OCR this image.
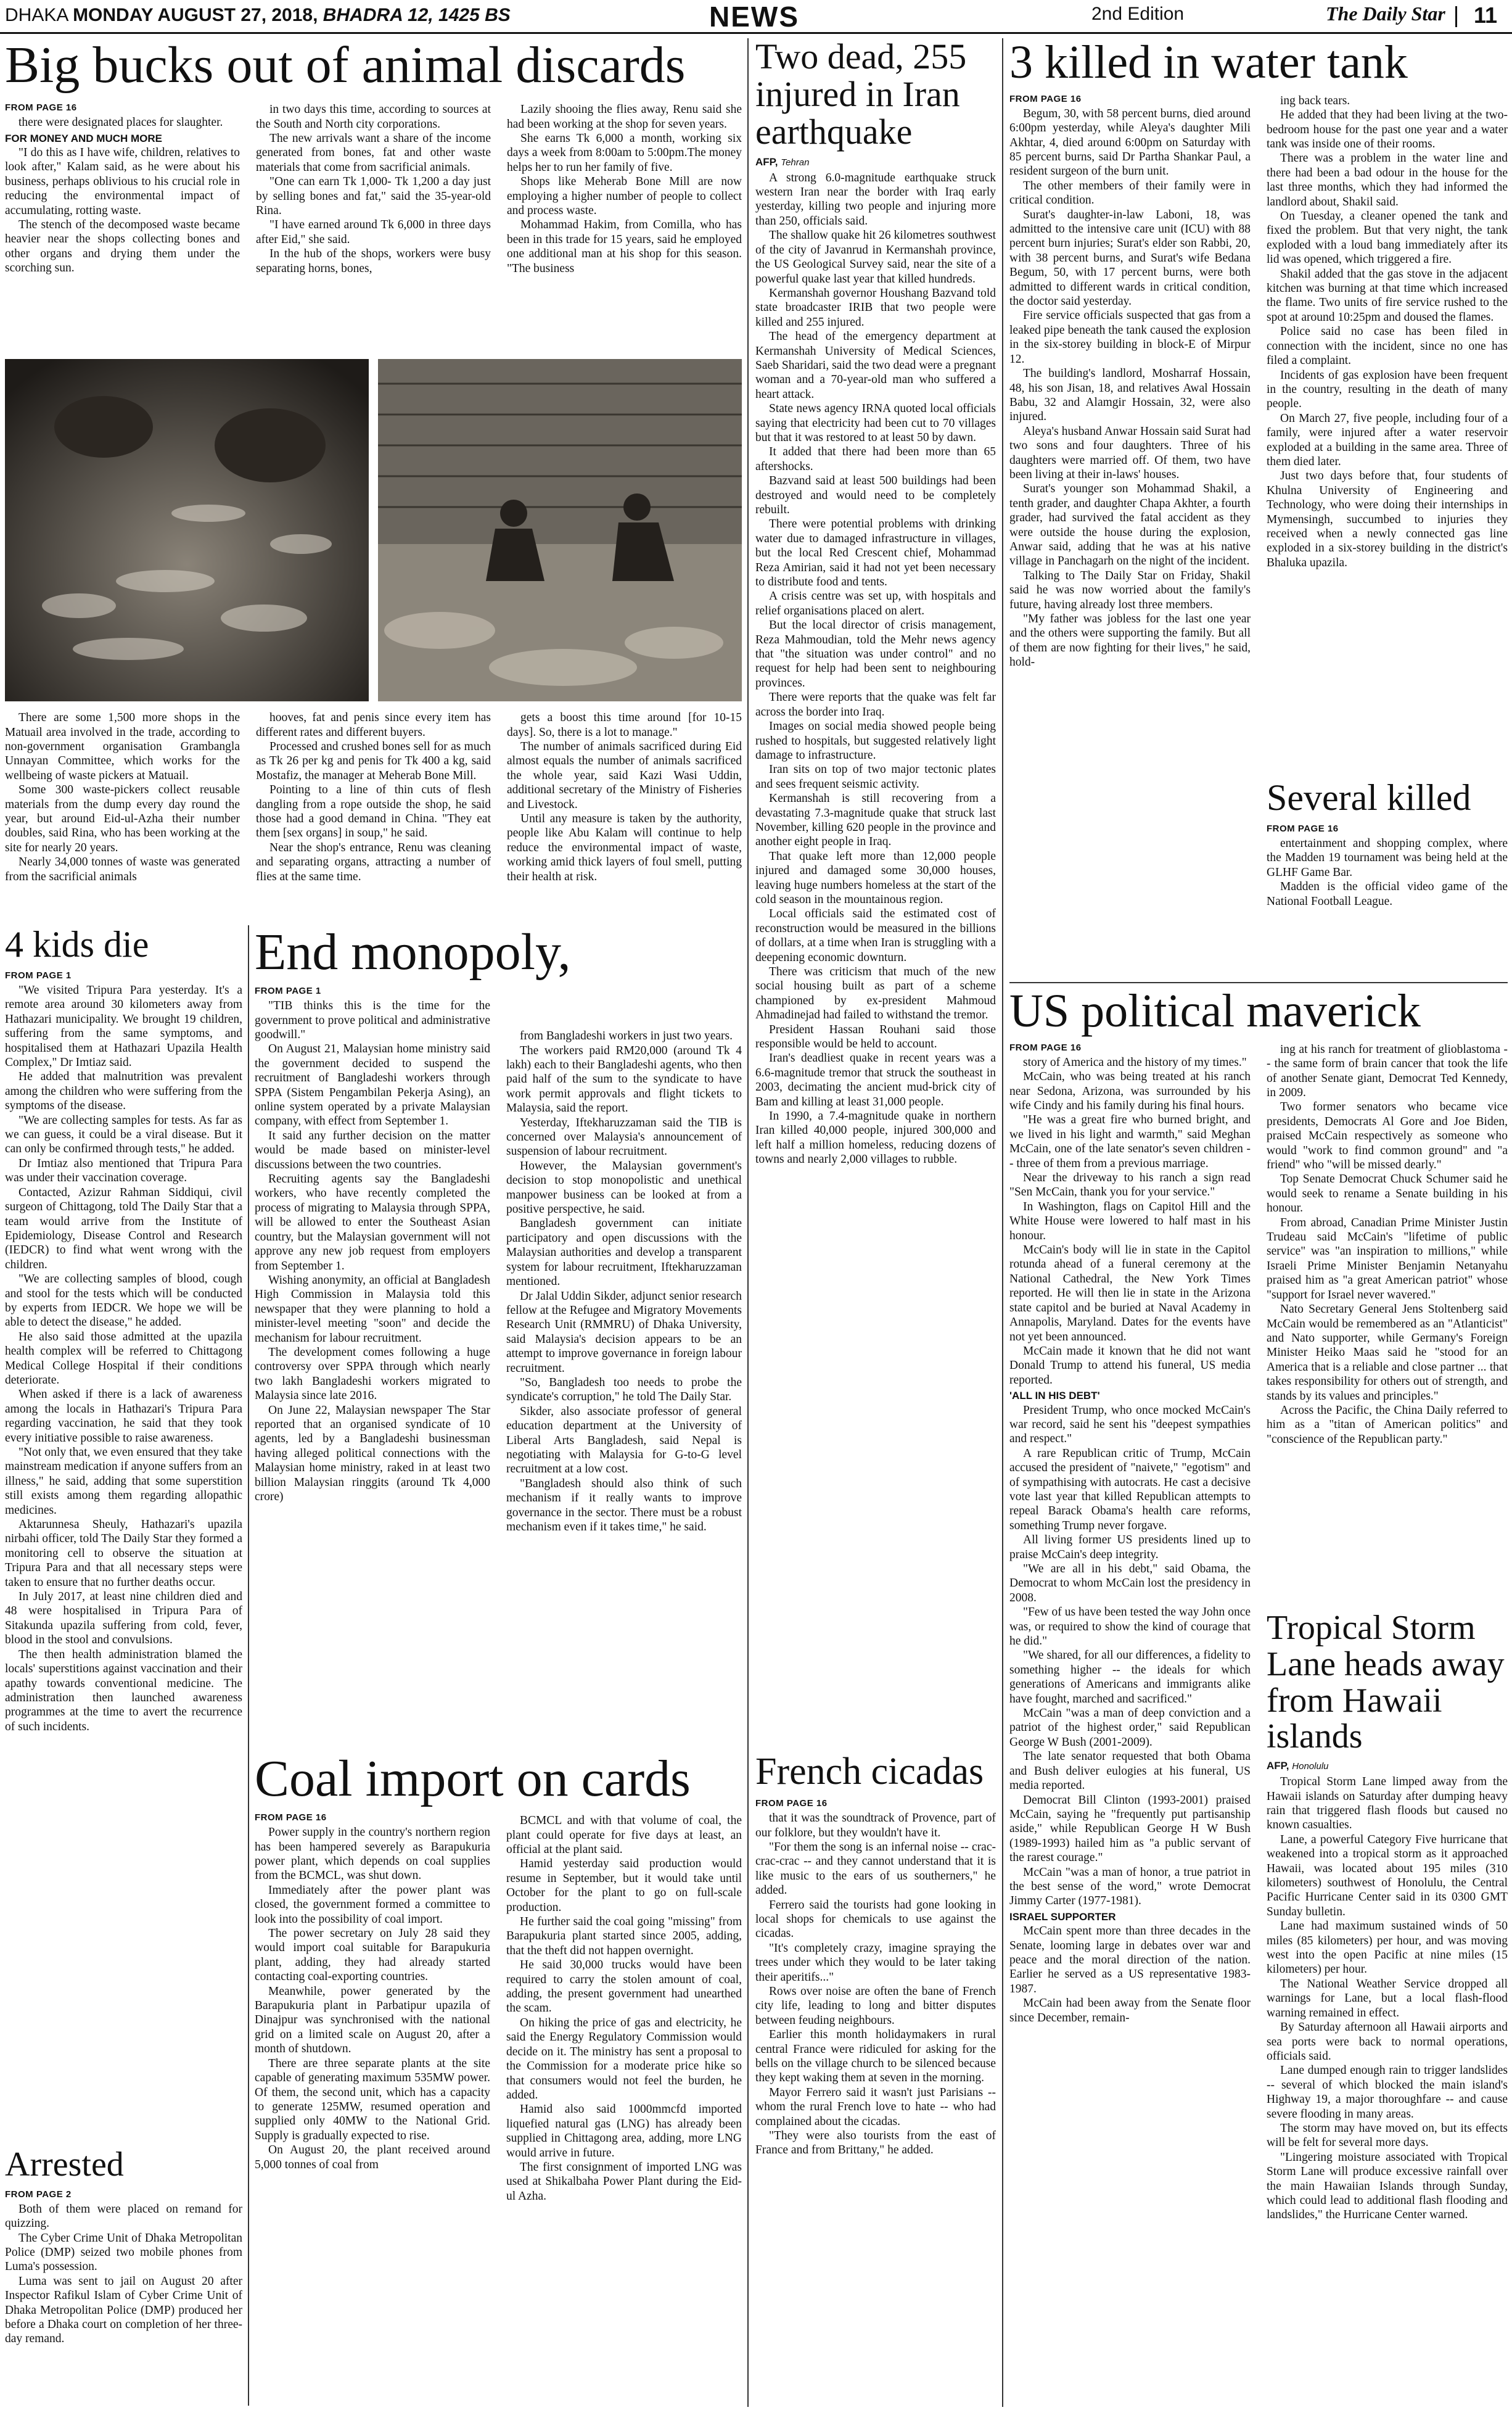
DHAKA MONDAY AUGUST 27, 2018, BHADRA 12, 1425 BS	NEWS	2nd Edition	The Daily Star 11
Big bucks out of animal discards
FROM PAGE 16

there were designated places for slaughter.

FOR MONEY AND MUCH MORE

"I do this as I have wife, children, relatives to look after," Kalam said, as he were about his business, perhaps oblivious to his crucial role in reducing the environmental impact of accumulating, rotting waste.

The stench of the decomposed waste became heavier near the shops collecting bones and other organs and drying them under the scorching sun.

in two days this time, according to sources at the South and North city corporations.

The new arrivals want a share of the income generated from bones, fat and other waste materials that come from sacrificial animals.

"One can earn Tk 1,000- Tk 1,200 a day just by selling bones and fat," said the 35-year-old Rina.

"I have earned around Tk 6,000 in three days after Eid," she said.

In the hub of the shops, workers were busy separating horns, bones,

Lazily shooing the flies away, Renu said she had been working at the shop for seven years.

She earns Tk 6,000 a month, working six days a week from 8:00am to 5:00pm.The money helps her to run her family of five.

Shops like Meherab Bone Mill are now employing a higher number of people to collect and process waste.

Mohammad Hakim, from Comilla, who has been in this trade for 15 years, said he employed one additional man at his shop for this season. "The business

There are some 1,500 more shops in the Matuail area involved in the trade, according to non-government organisation Grambangla Unnayan Committee, which works for the wellbeing of waste pickers at Matuail.

Some 300 waste-pickers collect reusable materials from the dump every day round the year, but around Eid-ul-Azha their number doubles, said Rina, who has been working at the site for nearly 20 years.

Nearly 34,000 tonnes of waste was generated from the sacrificial animals

hooves, fat and penis since every item has different rates and different buyers.

Processed and crushed bones sell for as much as Tk 26 per kg and penis for Tk 400 a kg, said Mostafiz, the manager at Meherab Bone Mill.

Pointing to a line of thin cuts of flesh dangling from a rope outside the shop, he said those had a good demand in China. "They eat them [sex organs] in soup," he said.

Near the shop's entrance, Renu was cleaning and separating organs, attracting a number of flies at the same time.

gets a boost this time around [for 10-15 days]. So, there is a lot to manage."

The number of animals sacrificed during Eid almost equals the number of animals sacrificed the whole year, said Kazi Wasi Uddin, additional secretary of the Ministry of Fisheries and Livestock.

Until any measure is taken by the authority, people like Abu Kalam will continue to help reduce the environmental impact of waste, working amid thick layers of foul smell, putting their health at risk.

4 kids die
FROM PAGE 1

"We visited Tripura Para yesterday. It's a remote area around 30 kilometers away from Hathazari municipality. We brought 19 children, suffering from the same symptoms, and hospitalised them at Hathazari Upazila Health Complex," Dr Imtiaz said.

He added that malnutrition was prevalent among the children who were suffering from the symptoms of the disease.

"We are collecting samples for tests. As far as we can guess, it could be a viral disease. But it can only be confirmed through tests," he added.

Dr Imtiaz also mentioned that Tripura Para was under their vaccination coverage.

Contacted, Azizur Rahman Siddiqui, civil surgeon of Chittagong, told The Daily Star that a team would arrive from the Institute of Epidemiology, Disease Control and Research (IEDCR) to find what went wrong with the children.

"We are collecting samples of blood, cough and stool for the tests which will be conducted by experts from IEDCR. We hope we will be able to detect the disease," he added.

He also said those admitted at the upazila health complex will be referred to Chittagong Medical College Hospital if their conditions deteriorate.

When asked if there is a lack of awareness among the locals in Hathazari's Tripura Para regarding vaccination, he said that they took every initiative possible to raise awareness.

"Not only that, we even ensured that they take mainstream medication if anyone suffers from an illness," he said, adding that some superstition still exists among them regarding allopathic medicines.

Aktarunnesa Sheuly, Hathazari's upazila nirbahi officer, told The Daily Star they formed a monitoring cell to observe the situation at Tripura Para and that all necessary steps were taken to ensure that no further deaths occur.

In July 2017, at least nine children died and 48 were hospitalised in Tripura Para of Sitakunda upazila suffering from cold, fever, blood in the stool and convulsions.

The then health administration blamed the locals' superstitions against vaccination and their apathy towards conventional medicine. The administration then launched awareness programmes at the time to avert the recurrence of such incidents.

Arrested
FROM PAGE 2

Both of them were placed on remand for quizzing.

The Cyber Crime Unit of Dhaka Metropolitan Police (DMP) seized two mobile phones from Luma's possession.

Luma was sent to jail on August 20 after Inspector Rafikul Islam of Cyber Crime Unit of Dhaka Metropolitan Police (DMP) produced her before a Dhaka court on completion of her three-day remand.

End monopoly,
FROM PAGE 1

"TIB thinks this is the time for the government to prove political and administrative goodwill."

On August 21, Malaysian home ministry said the government decided to suspend the recruitment of Bangladeshi workers through SPPA (Sistem Pengambilan Pekerja Asing), an online system operated by a private Malaysian company, with effect from September 1.

It said any further decision on the matter would be made based on minister-level discussions between the two countries.

Recruiting agents say the Bangladeshi workers, who have recently completed the process of migrating to Malaysia through SPPA, will be allowed to enter the Southeast Asian country, but the Malaysian government will not approve any new job request from employers from September 1.

Wishing anonymity, an official at Bangladesh High Commission in Malaysia told this newspaper that they were planning to hold a minister-level meeting "soon" and decide the mechanism for labour recruitment.

The development comes following a huge controversy over SPPA through which nearly two lakh Bangladeshi workers migrated to Malaysia since late 2016.

On June 22, Malaysian newspaper The Star reported that an organised syndicate of 10 agents, led by a Bangladeshi businessman having alleged political connections with the Malaysian home ministry, raked in at least two billion Malaysian ringgits (around Tk 4,000 crore)

from Bangladeshi workers in just two years.

The workers paid RM20,000 (around Tk 4 lakh) each to their Bangladeshi agents, who then paid half of the sum to the syndicate to have work permit approvals and flight tickets to Malaysia, said the report.

Yesterday, Iftekharuzzaman said the TIB is concerned over Malaysia's announcement of suspension of labour recruitment.

However, the Malaysian government's decision to stop monopolistic and unethical manpower business can be looked at from a positive perspective, he said.

Bangladesh government can initiate participatory and open discussions with the Malaysian authorities and develop a transparent system for labour recruitment, Iftekharuzzaman mentioned.

Dr Jalal Uddin Sikder, adjunct senior research fellow at the Refugee and Migratory Movements Research Unit (RMMRU) of Dhaka University, said Malaysia's decision appears to be an attempt to improve governance in foreign labour recruitment.

"So, Bangladesh too needs to probe the syndicate's corruption," he told The Daily Star.

Sikder, also associate professor of general education department at the University of Liberal Arts Bangladesh, said Nepal is negotiating with Malaysia for G-to-G level recruitment at a low cost.

"Bangladesh should also think of such mechanism if it really wants to improve governance in the sector. There must be a robust mechanism even if it takes time," he said.

Coal import on cards
FROM PAGE 16

Power supply in the country's northern region has been hampered severely as Barapukuria power plant, which depends on coal supplies from the BCMCL, was shut down.

Immediately after the power plant was closed, the government formed a committee to look into the possibility of coal import.

The power secretary on July 28 said they would import coal suitable for Barapukuria plant, adding, they had already started contacting coal-exporting countries.

Meanwhile, power generated by the Barapukuria plant in Parbatipur upazila of Dinajpur was synchronised with the national grid on a limited scale on August 20, after a month of shutdown.

There are three separate plants at the site capable of generating maximum 535MW power. Of them, the second unit, which has a capacity to generate 125MW, resumed operation and supplied only 40MW to the National Grid. Supply is gradually expected to rise.

On August 20, the plant received around 5,000 tonnes of coal from

BCMCL and with that volume of coal, the plant could operate for five days at least, an official at the plant said.

Hamid yesterday said production would resume in September, but it would take until October for the plant to go on full-scale production.

He further said the coal going "missing" from Barapukuria plant started since 2005, adding, that the theft did not happen overnight.

He said 30,000 trucks would have been required to carry the stolen amount of coal, adding, the present government had unearthed the scam.

On hiking the price of gas and electricity, he said the Energy Regulatory Commission would decide on it. The ministry has sent a proposal to the Commission for a moderate price hike so that consumers would not feel the burden, he added.

Hamid also said 1000mmcfd imported liquefied natural gas (LNG) has already been supplied in Chittagong area, adding, more LNG would arrive in future.

The first consignment of imported LNG was used at Shikalbaha Power Plant during the Eid-ul Azha.

Two dead, 255 injured in Iran earthquake
AFP, Tehran

A strong 6.0-magnitude earthquake struck western Iran near the border with Iraq early yesterday, killing two people and injuring more than 250, officials said.

The shallow quake hit 26 kilometres southwest of the city of Javanrud in Kermanshah province, the US Geological Survey said, near the site of a powerful quake last year that killed hundreds.

Kermanshah governor Houshang Bazvand told state broadcaster IRIB that two people were killed and 255 injured.

The head of the emergency department at Kermanshah University of Medical Sciences, Saeb Sharidari, said the two dead were a pregnant woman and a 70-year-old man who suffered a heart attack.

State news agency IRNA quoted local officials saying that electricity had been cut to 70 villages but that it was restored to at least 50 by dawn.

It added that there had been more than 65 aftershocks.

Bazvand said at least 500 buildings had been destroyed and would need to be completely rebuilt.

There were potential problems with drinking water due to damaged infrastructure in villages, but the local Red Crescent chief, Mohammad Reza Amirian, said it had not yet been necessary to distribute food and tents.

A crisis centre was set up, with hospitals and relief organisations placed on alert.

But the local director of crisis management, Reza Mahmoudian, told the Mehr news agency that "the situation was under control" and no request for help had been sent to neighbouring provinces.

There were reports that the quake was felt far across the border into Iraq.

Images on social media showed people being rushed to hospitals, but suggested relatively light damage to infrastructure.

Iran sits on top of two major tectonic plates and sees frequent seismic activity.

Kermanshah is still recovering from a devastating 7.3-magnitude quake that struck last November, killing 620 people in the province and another eight people in Iraq.

That quake left more than 12,000 people injured and damaged some 30,000 houses, leaving huge numbers homeless at the start of the cold season in the mountainous region.

Local officials said the estimated cost of reconstruction would be measured in the billions of dollars, at a time when Iran is struggling with a deepening economic downturn.

There was criticism that much of the new social housing built as part of a scheme championed by ex-president Mahmoud Ahmadinejad had failed to withstand the tremor.

President Hassan Rouhani said those responsible would be held to account.

Iran's deadliest quake in recent years was a 6.6-magnitude tremor that struck the southeast in 2003, decimating the ancient mud-brick city of Bam and killing at least 31,000 people.

In 1990, a 7.4-magnitude quake in northern Iran killed 40,000 people, injured 300,000 and left half a million homeless, reducing dozens of towns and nearly 2,000 villages to rubble.

French cicadas
FROM PAGE 16

that it was the soundtrack of Provence, part of our folklore, but they wouldn't have it.

"For them the song is an infernal noise -- crac-crac-crac -- and they cannot understand that it is like music to the ears of us southerners," he added.

Ferrero said the tourists had gone looking in local shops for chemicals to use against the cicadas.

"It's completely crazy, imagine spraying the trees under which they would to be later taking their aperitifs..."

Rows over noise are often the bane of French city life, leading to long and bitter disputes between feuding neighbours.

Earlier this month holidaymakers in rural central France were ridiculed for asking for the bells on the village church to be silenced because they kept waking them at seven in the morning.

Mayor Ferrero said it wasn't just Parisians -- whom the rural French love to hate -- who had complained about the cicadas.

"They were also tourists from the east of France and from Brittany," he added.

3 killed in water tank
FROM PAGE 16

Begum, 30, with 58 percent burns, died around 6:00pm yesterday, while Aleya's daughter Mili Akhtar, 4, died around 6:00pm on Saturday with 85 percent burns, said Dr Partha Shankar Paul, a resident surgeon of the burn unit.

The other members of their family were in critical condition.

Surat's daughter-in-law Laboni, 18, was admitted to the intensive care unit (ICU) with 88 percent burn injuries; Surat's elder son Rabbi, 20, with 38 percent burns, and Surat's wife Bedana Begum, 50, with 17 percent burns, were both admitted to different wards in critical condition, the doctor said yesterday.

Fire service officials suspected that gas from a leaked pipe beneath the tank caused the explosion in the six-storey building in block-E of Mirpur 12.

The building's landlord, Mosharraf Hossain, 48, his son Jisan, 18, and relatives Awal Hossain Babu, 32 and Alamgir Hossain, 32, were also injured.

Aleya's husband Anwar Hossain said Surat had two sons and four daughters. Three of his daughters were married off. Of them, two have been living at their in-laws' houses.

Surat's younger son Mohammad Shakil, a tenth grader, and daughter Chapa Akhter, a fourth grader, had survived the fatal accident as they were outside the house during the explosion, Anwar said, adding that he was at his native village in Panchagarh on the night of the incident.

Talking to The Daily Star on Friday, Shakil said he was now worried about the family's future, having already lost three members.

"My father was jobless for the last one year and the others were supporting the family. But all of them are now fighting for their lives," he said, hold-

ing back tears.

He added that they had been living at the two-bedroom house for the past one year and a water tank was inside one of their rooms.

There was a problem in the water line and there had been a bad odour in the house for the last three months, which they had informed the landlord about, Shakil said.

On Tuesday, a cleaner opened the tank and fixed the problem. But that very night, the tank exploded with a loud bang immediately after its lid was opened, which triggered a fire.

Shakil added that the gas stove in the adjacent kitchen was burning at that time which increased the flame. Two units of fire service rushed to the spot at around 10:25pm and doused the flames.

Police said no case has been filed in connection with the incident, since no one has filed a complaint.

Incidents of gas explosion have been frequent in the country, resulting in the death of many people.

On March 27, five people, including four of a family, were injured after a water reservoir exploded at a building in the same area. Three of them died later.

Just two days before that, four students of Khulna University of Engineering and Technology, who were doing their internships in Mymensingh, succumbed to injuries they received when a newly connected gas line exploded in a six-storey building in the district's Bhaluka upazila.

Several killed
FROM PAGE 16

entertainment and shopping complex, where the Madden 19 tournament was being held at the GLHF Game Bar.

Madden is the official video game of the National Football League.

US political maverick
FROM PAGE 16

story of America and the history of my times."

McCain, who was being treated at his ranch near Sedona, Arizona, was surrounded by his wife Cindy and his family during his final hours.

"He was a great fire who burned bright, and we lived in his light and warmth," said Meghan McCain, one of the late senator's seven children -- three of them from a previous marriage.

Near the driveway to his ranch a sign read "Sen McCain, thank you for your service."

In Washington, flags on Capitol Hill and the White House were lowered to half mast in his honour.

McCain's body will lie in state in the Capitol rotunda ahead of a funeral ceremony at the National Cathedral, the New York Times reported. He will then lie in state in the Arizona state capitol and be buried at Naval Academy in Annapolis, Maryland. Dates for the events have not yet been announced.

McCain made it known that he did not want Donald Trump to attend his funeral, US media reported.

'ALL IN HIS DEBT'

President Trump, who once mocked McCain's war record, said he sent his "deepest sympathies and respect."

A rare Republican critic of Trump, McCain accused the president of "naivete," "egotism" and of sympathising with autocrats. He cast a decisive vote last year that killed Republican attempts to repeal Barack Obama's health care reforms, something Trump never forgave.

All living former US presidents lined up to praise McCain's deep integrity.

"We are all in his debt," said Obama, the Democrat to whom McCain lost the presidency in 2008.

"Few of us have been tested the way John once was, or required to show the kind of courage that he did."

"We shared, for all our differences, a fidelity to something higher -- the ideals for which generations of Americans and immigrants alike have fought, marched and sacrificed."

McCain "was a man of deep conviction and a patriot of the highest order," said Republican George W Bush (2001-2009).

The late senator requested that both Obama and Bush deliver eulogies at his funeral, US media reported.

Democrat Bill Clinton (1993-2001) praised McCain, saying he "frequently put partisanship aside," while Republican George H W Bush (1989-1993) hailed him as "a public servant of the rarest courage."

McCain "was a man of honor, a true patriot in the best sense of the word," wrote Democrat Jimmy Carter (1977-1981).

ISRAEL SUPPORTER

McCain spent more than three decades in the Senate, looming large in debates over war and peace and the moral direction of the nation. Earlier he served as a US representative 1983-1987.

McCain had been away from the Senate floor since December, remain-

ing at his ranch for treatment of glioblastoma -- the same form of brain cancer that took the life of another Senate giant, Democrat Ted Kennedy, in 2009.

Two former senators who became vice presidents, Democrats Al Gore and Joe Biden, praised McCain respectively as someone who would "work to find common ground" and "a friend" who "will be missed dearly."

Top Senate Democrat Chuck Schumer said he would seek to rename a Senate building in his honour.

From abroad, Canadian Prime Minister Justin Trudeau said McCain's "lifetime of public service" was "an inspiration to millions," while Israeli Prime Minister Benjamin Netanyahu praised him as "a great American patriot" whose "support for Israel never wavered."

Nato Secretary General Jens Stoltenberg said McCain would be remembered as an "Atlanticist" and Nato supporter, while Germany's Foreign Minister Heiko Maas said he "stood for an America that is a reliable and close partner ... that takes responsibility for others out of strength, and stands by its values and principles."

Across the Pacific, the China Daily referred to him as a "titan of American politics" and "conscience of the Republican party."

Tropical Storm Lane heads away from Hawaii islands
AFP, Honolulu

Tropical Storm Lane limped away from the Hawaii islands on Saturday after dumping heavy rain that triggered flash floods but caused no known casualties.

Lane, a powerful Category Five hurricane that weakened into a tropical storm as it approached Hawaii, was located about 195 miles (310 kilometers) southwest of Honolulu, the Central Pacific Hurricane Center said in its 0300 GMT Sunday bulletin.

Lane had maximum sustained winds of 50 miles (85 kilometers) per hour, and was moving west into the open Pacific at nine miles (15 kilometers) per hour.

The National Weather Service dropped all warnings for Lane, but a local flash-flood warning remained in effect.

By Saturday afternoon all Hawaii airports and sea ports were back to normal operations, officials said.

Lane dumped enough rain to trigger landslides -- several of which blocked the main island's Highway 19, a major thoroughfare -- and cause severe flooding in many areas.

The storm may have moved on, but its effects will be felt for several more days.

"Lingering moisture associated with Tropical Storm Lane will produce excessive rainfall over the main Hawaiian Islands through Sunday, which could lead to additional flash flooding and landslides," the Hurricane Center warned.
